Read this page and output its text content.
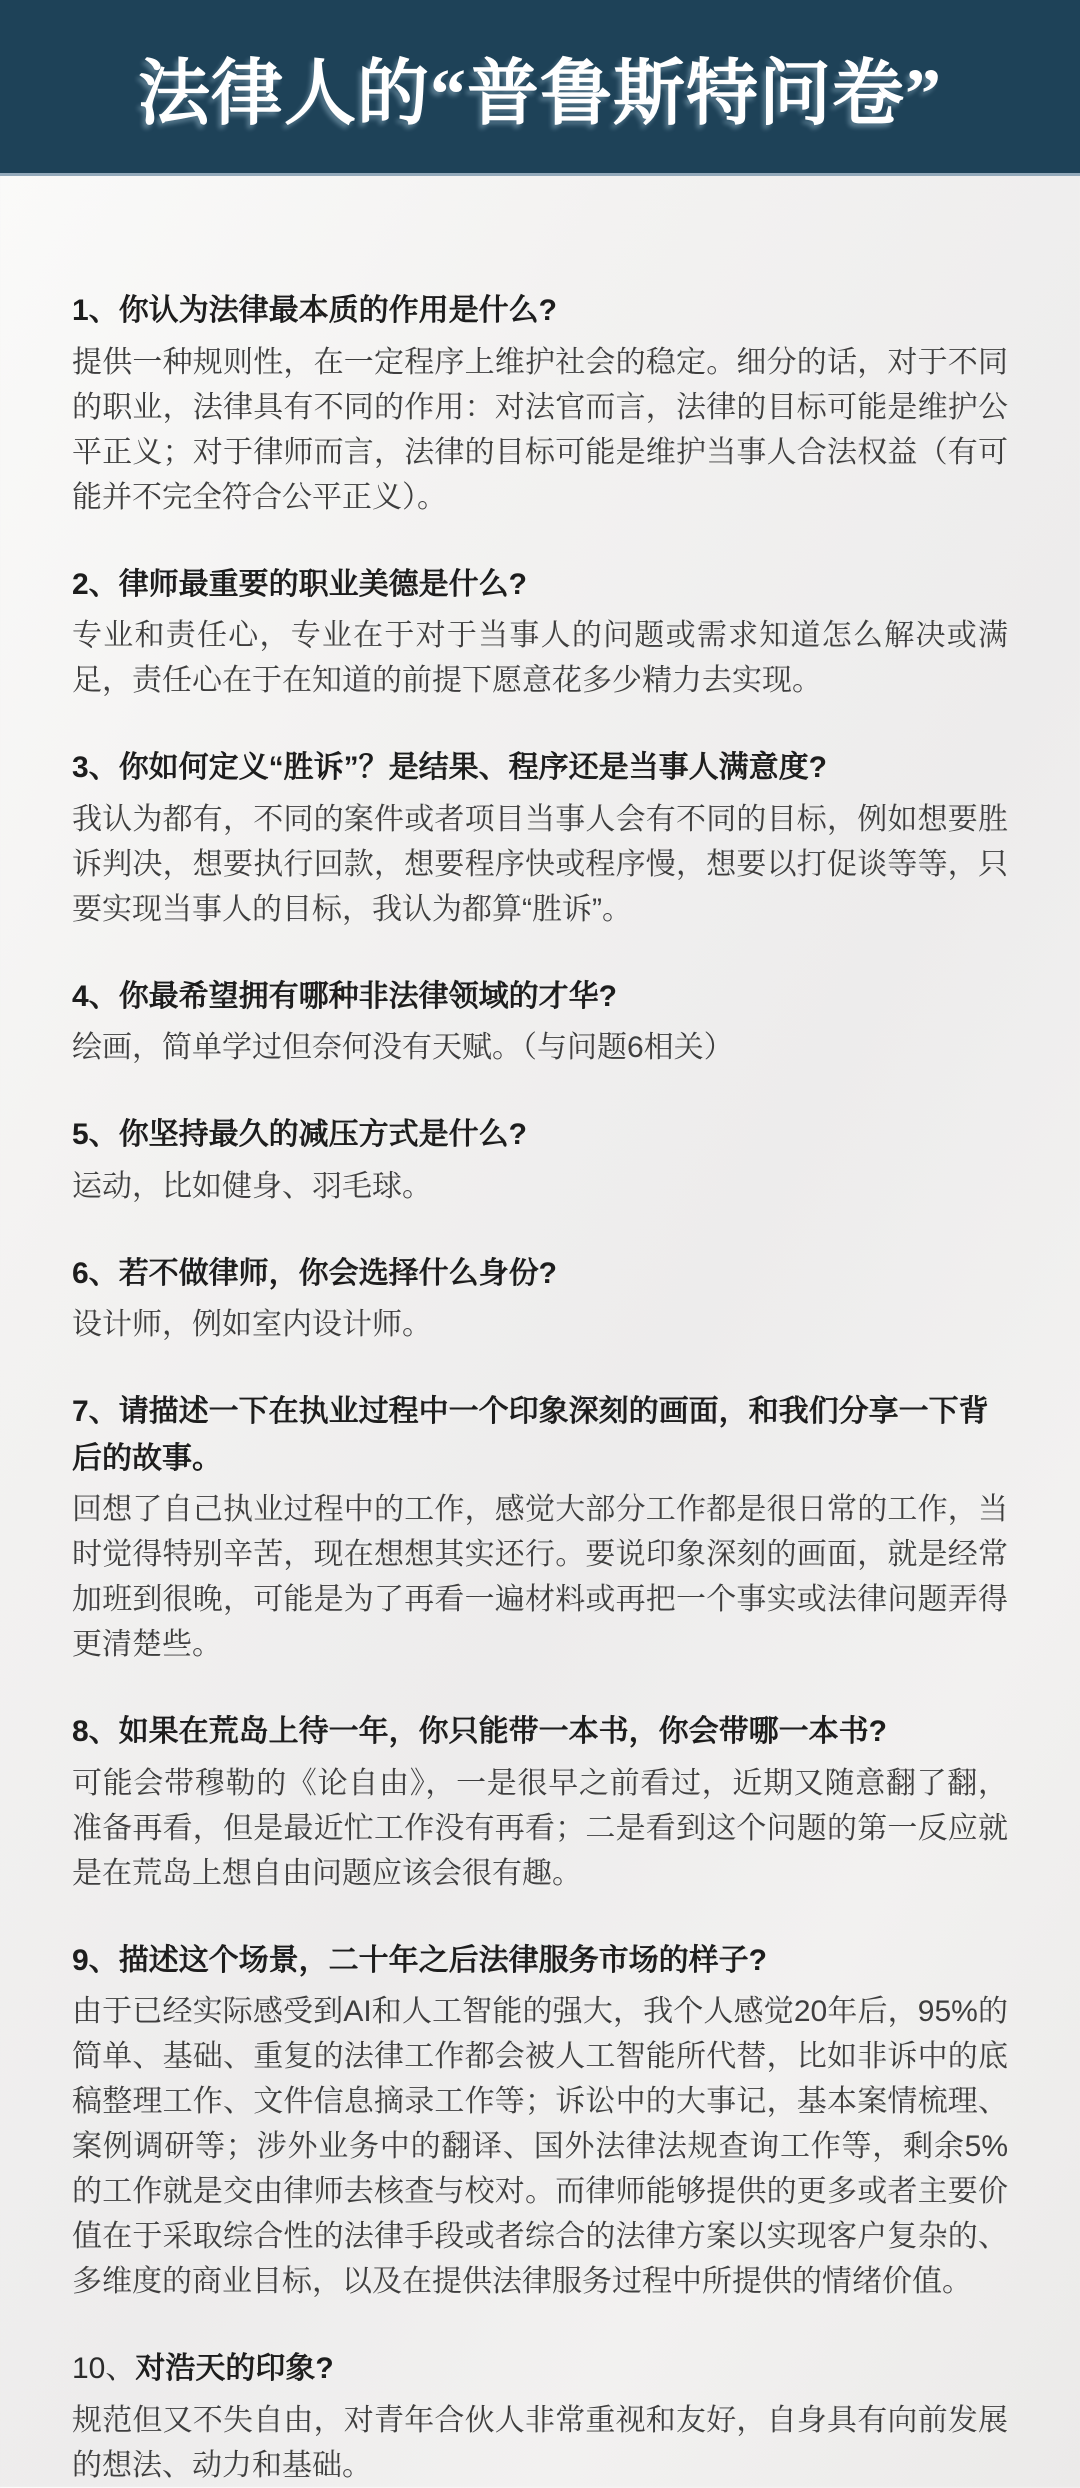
法律人的“普鲁斯特问卷”
1、你认为法律最本质的作用是什么?

提供一种规则性，在一定程序上维护社会的稳定。细分的话，对于不同的职业，法律具有不同的作用：对法官而言，法律的目标可能是维护公平正义；对于律师而言，法律的目标可能是维护当事人合法权益（有可能并不完全符合公平正义）。

2、律师最重要的职业美德是什么?

专业和责任心，专业在于对于当事人的问题或需求知道怎么解决或满足，责任心在于在知道的前提下愿意花多少精力去实现。

3、你如何定义“胜诉”？是结果、程序还是当事人满意度?

我认为都有，不同的案件或者项目当事人会有不同的目标，例如想要胜诉判决，想要执行回款，想要程序快或程序慢，想要以打促谈等等，只要实现当事人的目标，我认为都算“胜诉”。

4、你最希望拥有哪种非法律领域的才华?

绘画，简单学过但奈何没有天赋。（与问题6相关）

5、你坚持最久的减压方式是什么?

运动，比如健身、羽毛球。

6、若不做律师，你会选择什么身份?

设计师，例如室内设计师。

7、请描述一下在执业过程中一个印象深刻的画面，和我们分享一下背后的故事。

回想了自己执业过程中的工作，感觉大部分工作都是很日常的工作，当时觉得特别辛苦，现在想想其实还行。要说印象深刻的画面，就是经常加班到很晚，可能是为了再看一遍材料或再把一个事实或法律问题弄得更清楚些。

8、如果在荒岛上待一年，你只能带一本书，你会带哪一本书?

可能会带穆勒的《论自由》，一是很早之前看过，近期又随意翻了翻，准备再看，但是最近忙工作没有再看；二是看到这个问题的第一反应就是在荒岛上想自由问题应该会很有趣。

9、描述这个场景，二十年之后法律服务市场的样子?

由于已经实际感受到AI和人工智能的强大，我个人感觉20年后，95%的简单、基础、重复的法律工作都会被人工智能所代替，比如非诉中的底稿整理工作、文件信息摘录工作等；诉讼中的大事记，基本案情梳理、案例调研等；涉外业务中的翻译、国外法律法规查询工作等，剩余5%的工作就是交由律师去核查与校对。而律师能够提供的更多或者主要价值在于采取综合性的法律手段或者综合的法律方案以实现客户复杂的、多维度的商业目标，以及在提供法律服务过程中所提供的情绪价值。

10、对浩天的印象?

规范但又不失自由，对青年合伙人非常重视和友好，自身具有向前发展的想法、动力和基础。
